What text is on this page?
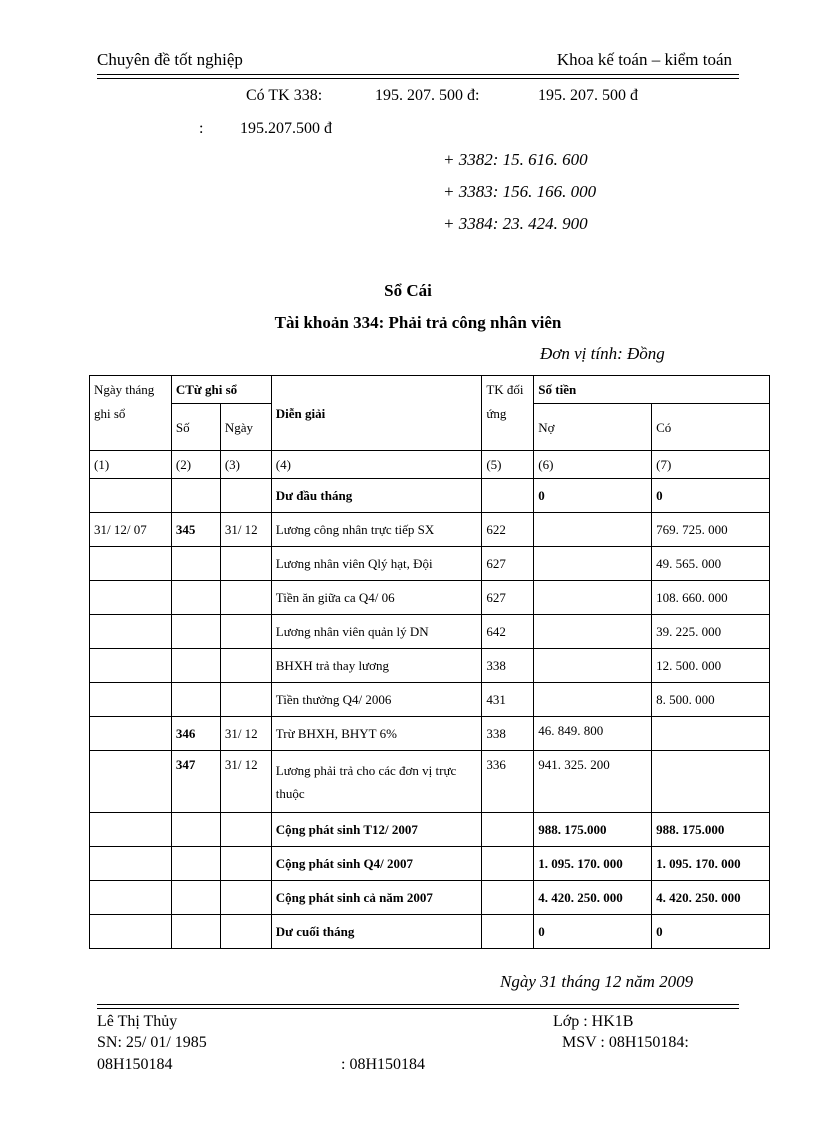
Chuyên đề tốt nghiệp	Khoa kế toán – kiểm toán
Có TK 338:	195. 207. 500 đ:	195. 207. 500 đ
: 195.207.500 đ
+ 3382: 15. 616. 600
+ 3383: 156. 166. 000
+ 3384: 23. 424. 900
Sổ Cái
Tài khoản 334: Phải trả công nhân viên
Đơn vị tính: Đồng
Ngày tháng ghi sổ	CTừ ghi sổ		Diễn giải	TK đối ứng	Số tiền	
	Số	Ngày			Nợ	Có
(1)	(2)	(3)	(4)	(5)	(6)	(7)
			Dư đầu tháng		0	0
31/ 12/ 07	345	31/ 12	Lương công nhân trực tiếp SX	622		769. 725. 000
			Lương nhân viên Qlý hạt, Đội	627		49. 565. 000
			Tiền ăn giữa ca Q4/ 06	627		108. 660. 000
			Lương nhân viên quản lý DN	642		39. 225. 000
			BHXH trả thay lương	338		12. 500. 000
			Tiền thưởng Q4/ 2006	431		8. 500. 000
	346	31/ 12	Trừ BHXH, BHYT 6%	338	46. 849. 800	
	347	31/ 12	Lương phải trả cho các đơn vị trực thuộc	336	941. 325. 200	
			Cộng phát sinh T12/ 2007		988. 175.000	988. 175.000
			Cộng phát sinh Q4/ 2007		1. 095. 170. 000	1. 095. 170. 000
			Cộng phát sinh cả năm 2007		4. 420. 250. 000	4. 420. 250. 000
			Dư cuối tháng		0	0
Ngày 31 tháng 12 năm 2009
Lê Thị Thủy	Lớp : HK1B
SN: 25/ 01/ 1985	MSV : 08H150184:
08H150184	: 08H150184
